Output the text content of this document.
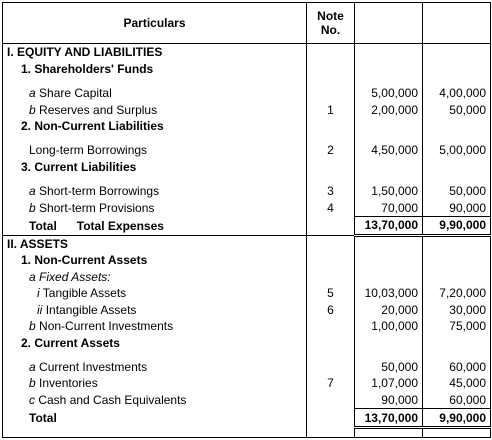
Particulars	Note
No.		
I. EQUITY AND LIABILITIES			
1. Shareholders' Funds			

a Share Capital		5,00,000	4,00,000
b Reserves and Surplus	1	2,00,000	50,000
2. Non-Current Liabilities			

Long-term Borrowings	2	4,50,000	5,00,000
3. Current Liabilities			

a Short-term Borrowings	3	1,50,000	50,000
b Short-term Provisions	4	70,000	90,000
Total Total Expenses		13,70,000	9,90,000
II. ASSETS			
1. Non-Current Assets			
a Fixed Assets:			
i Tangible Assets	5	10,03,000	7,20,000
ii Intangible Assets	6	20,000	30,000
b Non-Current Investments		1,00,000	75,000
2. Current Assets			

a Current Investments		50,000	60,000
b Inventories	7	1,07,000	45,000
c Cash and Cash Equivalents		90,000	60,000
Total		13,70,000	9,90,000
